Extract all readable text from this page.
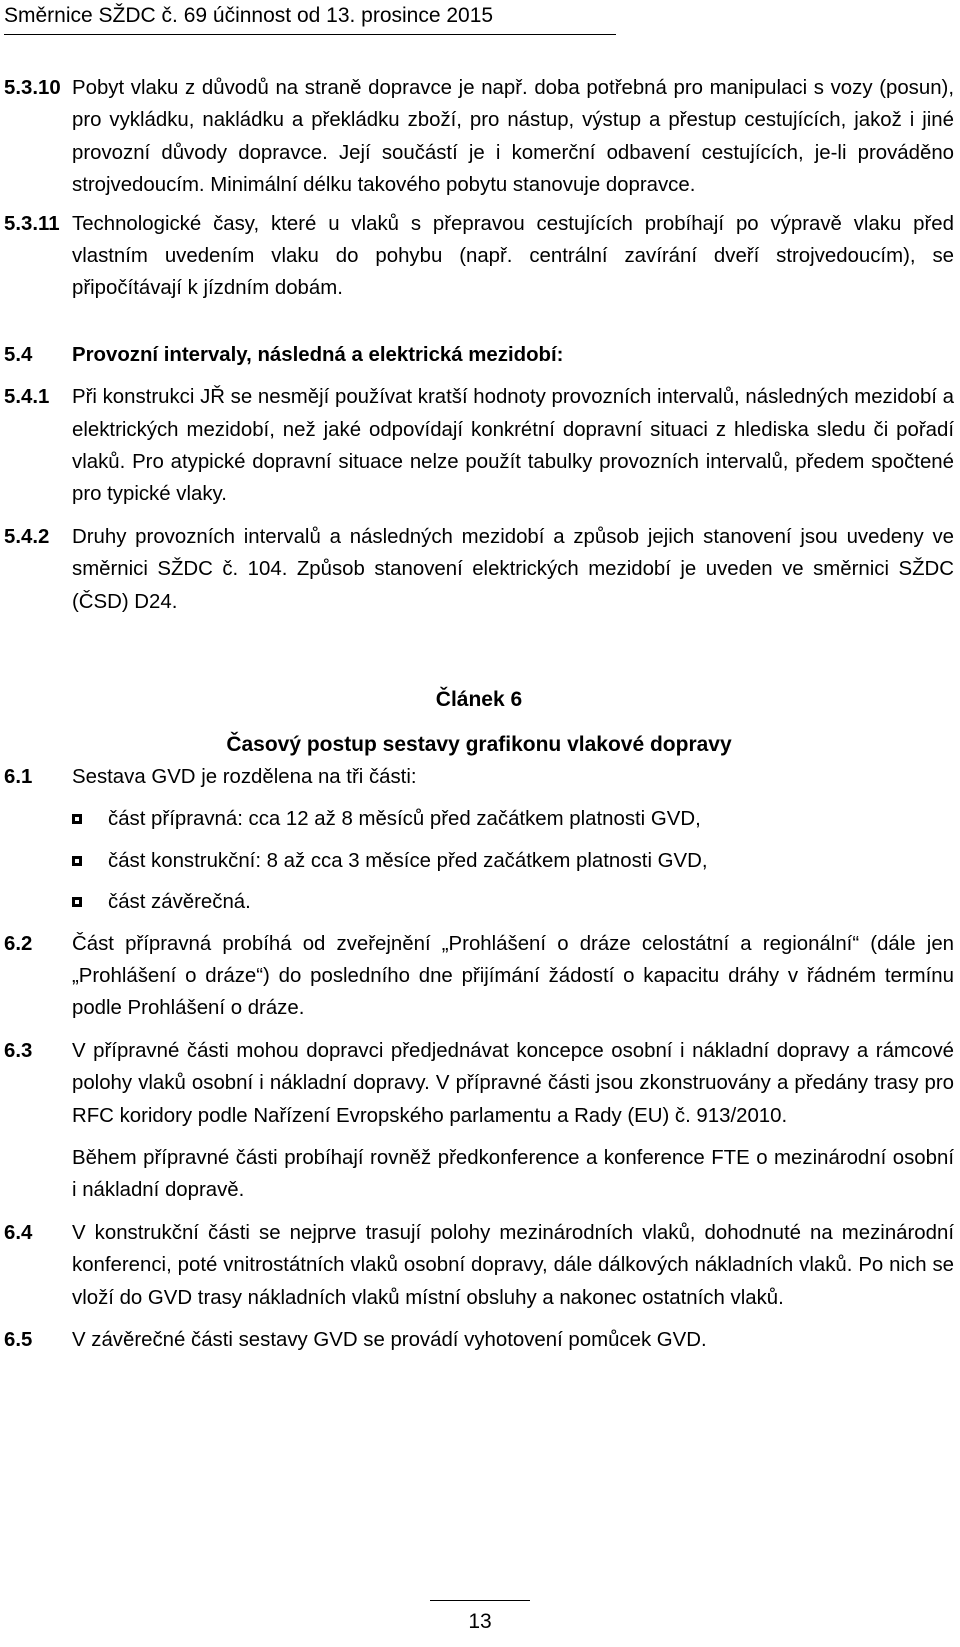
Směrnice SŽDC č. 69 účinnost od 13. prosince 2015

5.3.10 Pobyt vlaku z důvodů na straně dopravce je např. doba potřebná pro manipulaci s vozy (posun), pro vykládku, nakládku a překládku zboží, pro nástup, výstup a přestup cestujících, jakož i jiné provozní důvody dopravce. Její součástí je i komerční odbavení cestujících, je-li prováděno strojvedoucím. Minimální délku takového pobytu stanovuje dopravce.

5.3.11 Technologické časy, které u vlaků s přepravou cestujících probíhají po výpravě vlaku před vlastním uvedením vlaku do pohybu (např. centrální zavírání dveří strojvedoucím), se připočítávají k jízdním dobám.

5.4 Provozní intervaly, následná a elektrická mezidobí:

5.4.1 Při konstrukci JŘ se nesmějí používat kratší hodnoty provozních intervalů, následných mezidobí a elektrických mezidobí, než jaké odpovídají konkrétní dopravní situaci z hlediska sledu či pořadí vlaků. Pro atypické dopravní situace nelze použít tabulky provozních intervalů, předem spočtené pro typické vlaky.

5.4.2 Druhy provozních intervalů a následných mezidobí a způsob jejich stanovení jsou uvedeny ve směrnici SŽDC č. 104. Způsob stanovení elektrických mezidobí je uveden ve směrnici SŽDC (ČSD) D24.

Článek 6
Časový postup sestavy grafikonu vlakové dopravy

6.1 Sestava GVD je rozdělena na tři části:

část přípravná: cca 12 až 8 měsíců před začátkem platnosti GVD,
část konstrukční: 8 až cca 3 měsíce před začátkem platnosti GVD,
část závěrečná.

6.2 Část přípravná probíhá od zveřejnění „Prohlášení o dráze celostátní a regionální“ (dále jen „Prohlášení o dráze“) do posledního dne přijímání žádostí o kapacitu dráhy v řádném termínu podle Prohlášení o dráze.

6.3 V přípravné části mohou dopravci předjednávat koncepce osobní i nákladní dopravy a rámcové polohy vlaků osobní i nákladní dopravy. V přípravné části jsou zkonstruovány a předány trasy pro RFC koridory podle Nařízení Evropského parlamentu a Rady (EU) č. 913/2010.

Během přípravné části probíhají rovněž předkonference a konference FTE o mezinárodní osobní i nákladní dopravě.

6.4 V konstrukční části se nejprve trasují polohy mezinárodních vlaků, dohodnuté na mezinárodní konferenci, poté vnitrostátních vlaků osobní dopravy, dále dálkových nákladních vlaků. Po nich se vloží do GVD trasy nákladních vlaků místní obsluhy a nakonec ostatních vlaků.

6.5 V závěrečné části sestavy GVD se provádí vyhotovení pomůcek GVD.

13
